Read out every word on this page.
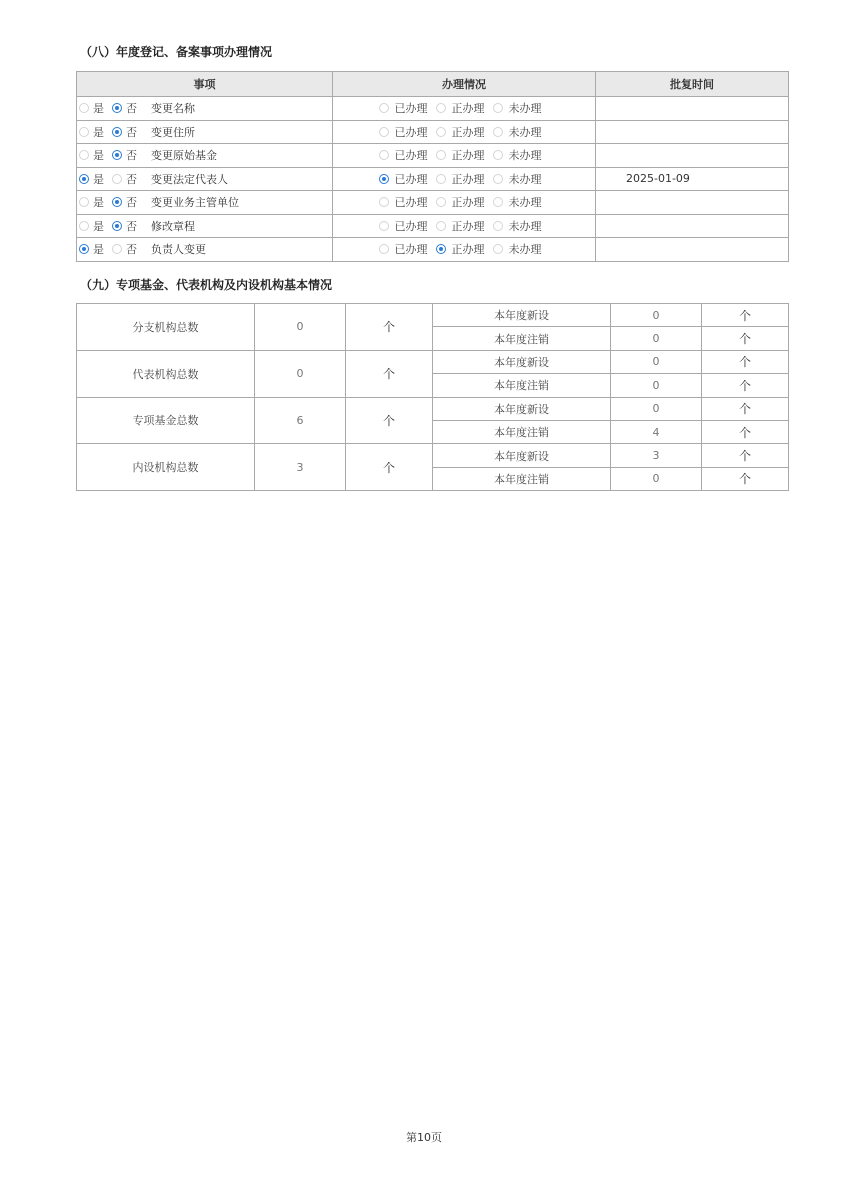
（八）年度登记、备案事项办理情况
事项	办理情况	批复时间
是 否 变更名称	已办理 正办理 未办理	
是 否 变更住所	已办理 正办理 未办理	
是 否 变更原始基金	已办理 正办理 未办理	
是 否 变更法定代表人	已办理 正办理 未办理	2025-01-09
是 否 变更业务主管单位	已办理 正办理 未办理	
是 否 修改章程	已办理 正办理 未办理	
是 否 负责人变更	已办理 正办理 未办理	
（九）专项基金、代表机构及内设机构基本情况
分支机构总数	0	个	本年度新设	0	个
			本年度注销	0	个
代表机构总数	0	个	本年度新设	0	个
			本年度注销	0	个
专项基金总数	6	个	本年度新设	0	个
			本年度注销	4	个
内设机构总数	3	个	本年度新设	3	个
			本年度注销	0	个
第10页
